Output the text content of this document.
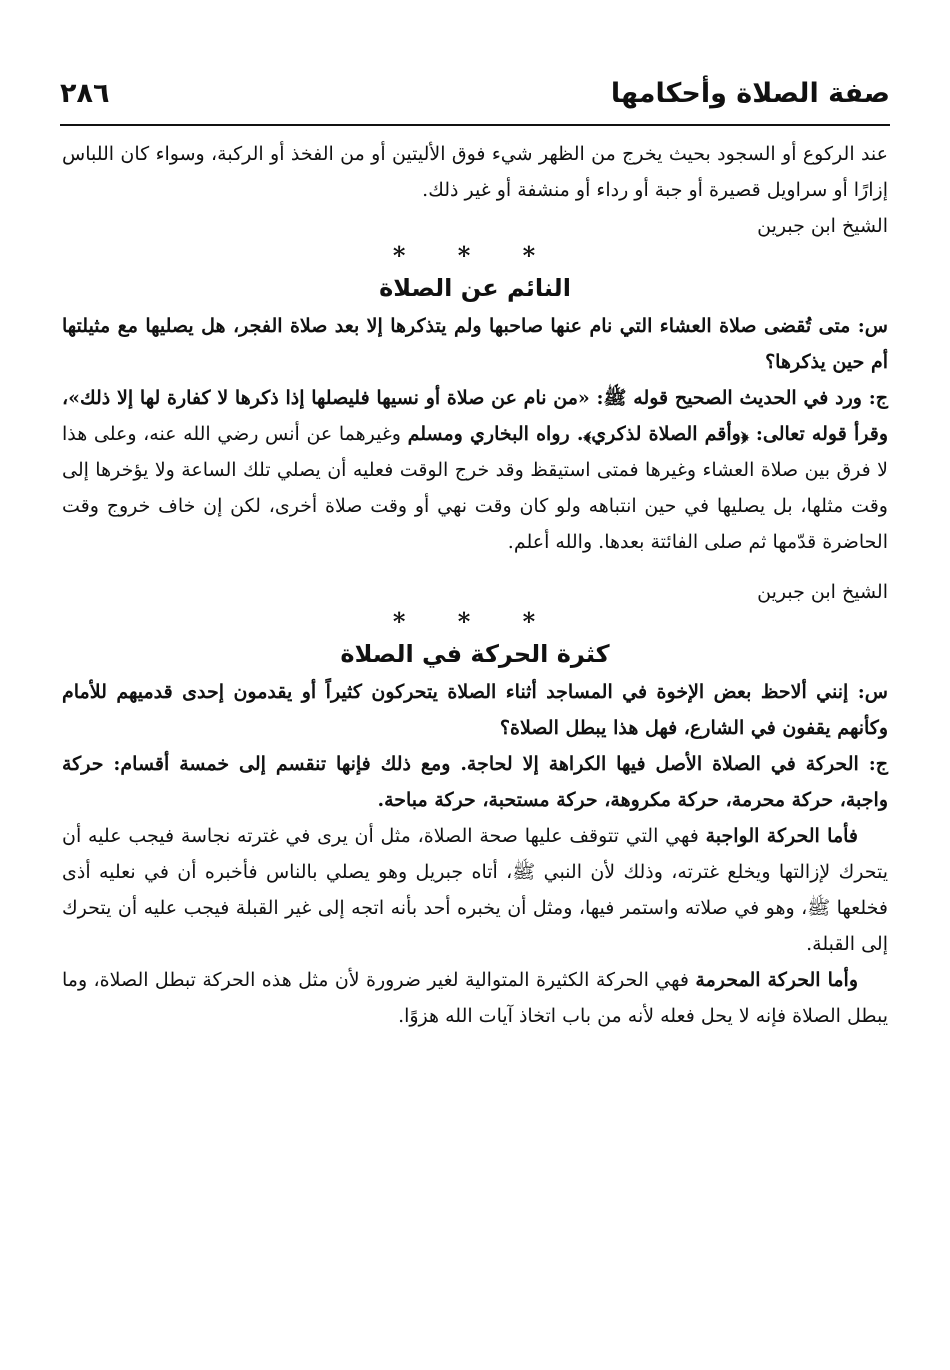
صفة الصلاة وأحكامها
٢٨٦

عند الركوع أو السجود بحيث يخرج من الظهر شيء فوق الأليتين أو من الفخذ أو الركبة، وسواء كان اللباس إزارًا أو سراويل قصيرة أو جبة أو رداء أو منشفة أو غير ذلك.

الشيخ ابن جبرين

* * *

النائم عن الصلاة

س: متى تُقضى صلاة العشاء التي نام عنها صاحبها ولم يتذكرها إلا بعد صلاة الفجر، هل يصليها مع مثيلتها أم حين يذكرها؟

ج: ورد في الحديث الصحيح قوله ﷺ: «من نام عن صلاة أو نسيها فليصلها إذا ذكرها لا كفارة لها إلا ذلك»، وقرأ قوله تعالى: ﴿وأقم الصلاة لذكري﴾. رواه البخاري ومسلم وغيرهما عن أنس رضي الله عنه، وعلى هذا لا فرق بين صلاة العشاء وغيرها فمتى استيقظ وقد خرج الوقت فعليه أن يصلي تلك الساعة ولا يؤخرها إلى وقت مثلها، بل يصليها في حين انتباهه ولو كان وقت نهي أو وقت صلاة أخرى، لكن إن خاف خروج وقت الحاضرة قدّمها ثم صلى الفائتة بعدها. والله أعلم.

الشيخ ابن جبرين

* * *

كثرة الحركة في الصلاة

س: إنني ألاحظ بعض الإخوة في المساجد أثناء الصلاة يتحركون كثيراً أو يقدمون إحدى قدميهم للأمام وكأنهم يقفون في الشارع، فهل هذا يبطل الصلاة؟

ج: الحركة في الصلاة الأصل فيها الكراهة إلا لحاجة. ومع ذلك فإنها تنقسم إلى خمسة أقسام: حركة واجبة، حركة محرمة، حركة مكروهة، حركة مستحبة، حركة مباحة.

فأما الحركة الواجبة فهي التي تتوقف عليها صحة الصلاة، مثل أن يرى في غترته نجاسة فيجب عليه أن يتحرك لإزالتها ويخلع غترته، وذلك لأن النبي ﷺ، أتاه جبريل وهو يصلي بالناس فأخبره أن في نعليه أذى فخلعها ﷺ، وهو في صلاته واستمر فيها، ومثل أن يخبره أحد بأنه اتجه إلى غير القبلة فيجب عليه أن يتحرك إلى القبلة.

وأما الحركة المحرمة فهي الحركة الكثيرة المتوالية لغير ضرورة لأن مثل هذه الحركة تبطل الصلاة، وما يبطل الصلاة فإنه لا يحل فعله لأنه من باب اتخاذ آيات الله هزوًا.
